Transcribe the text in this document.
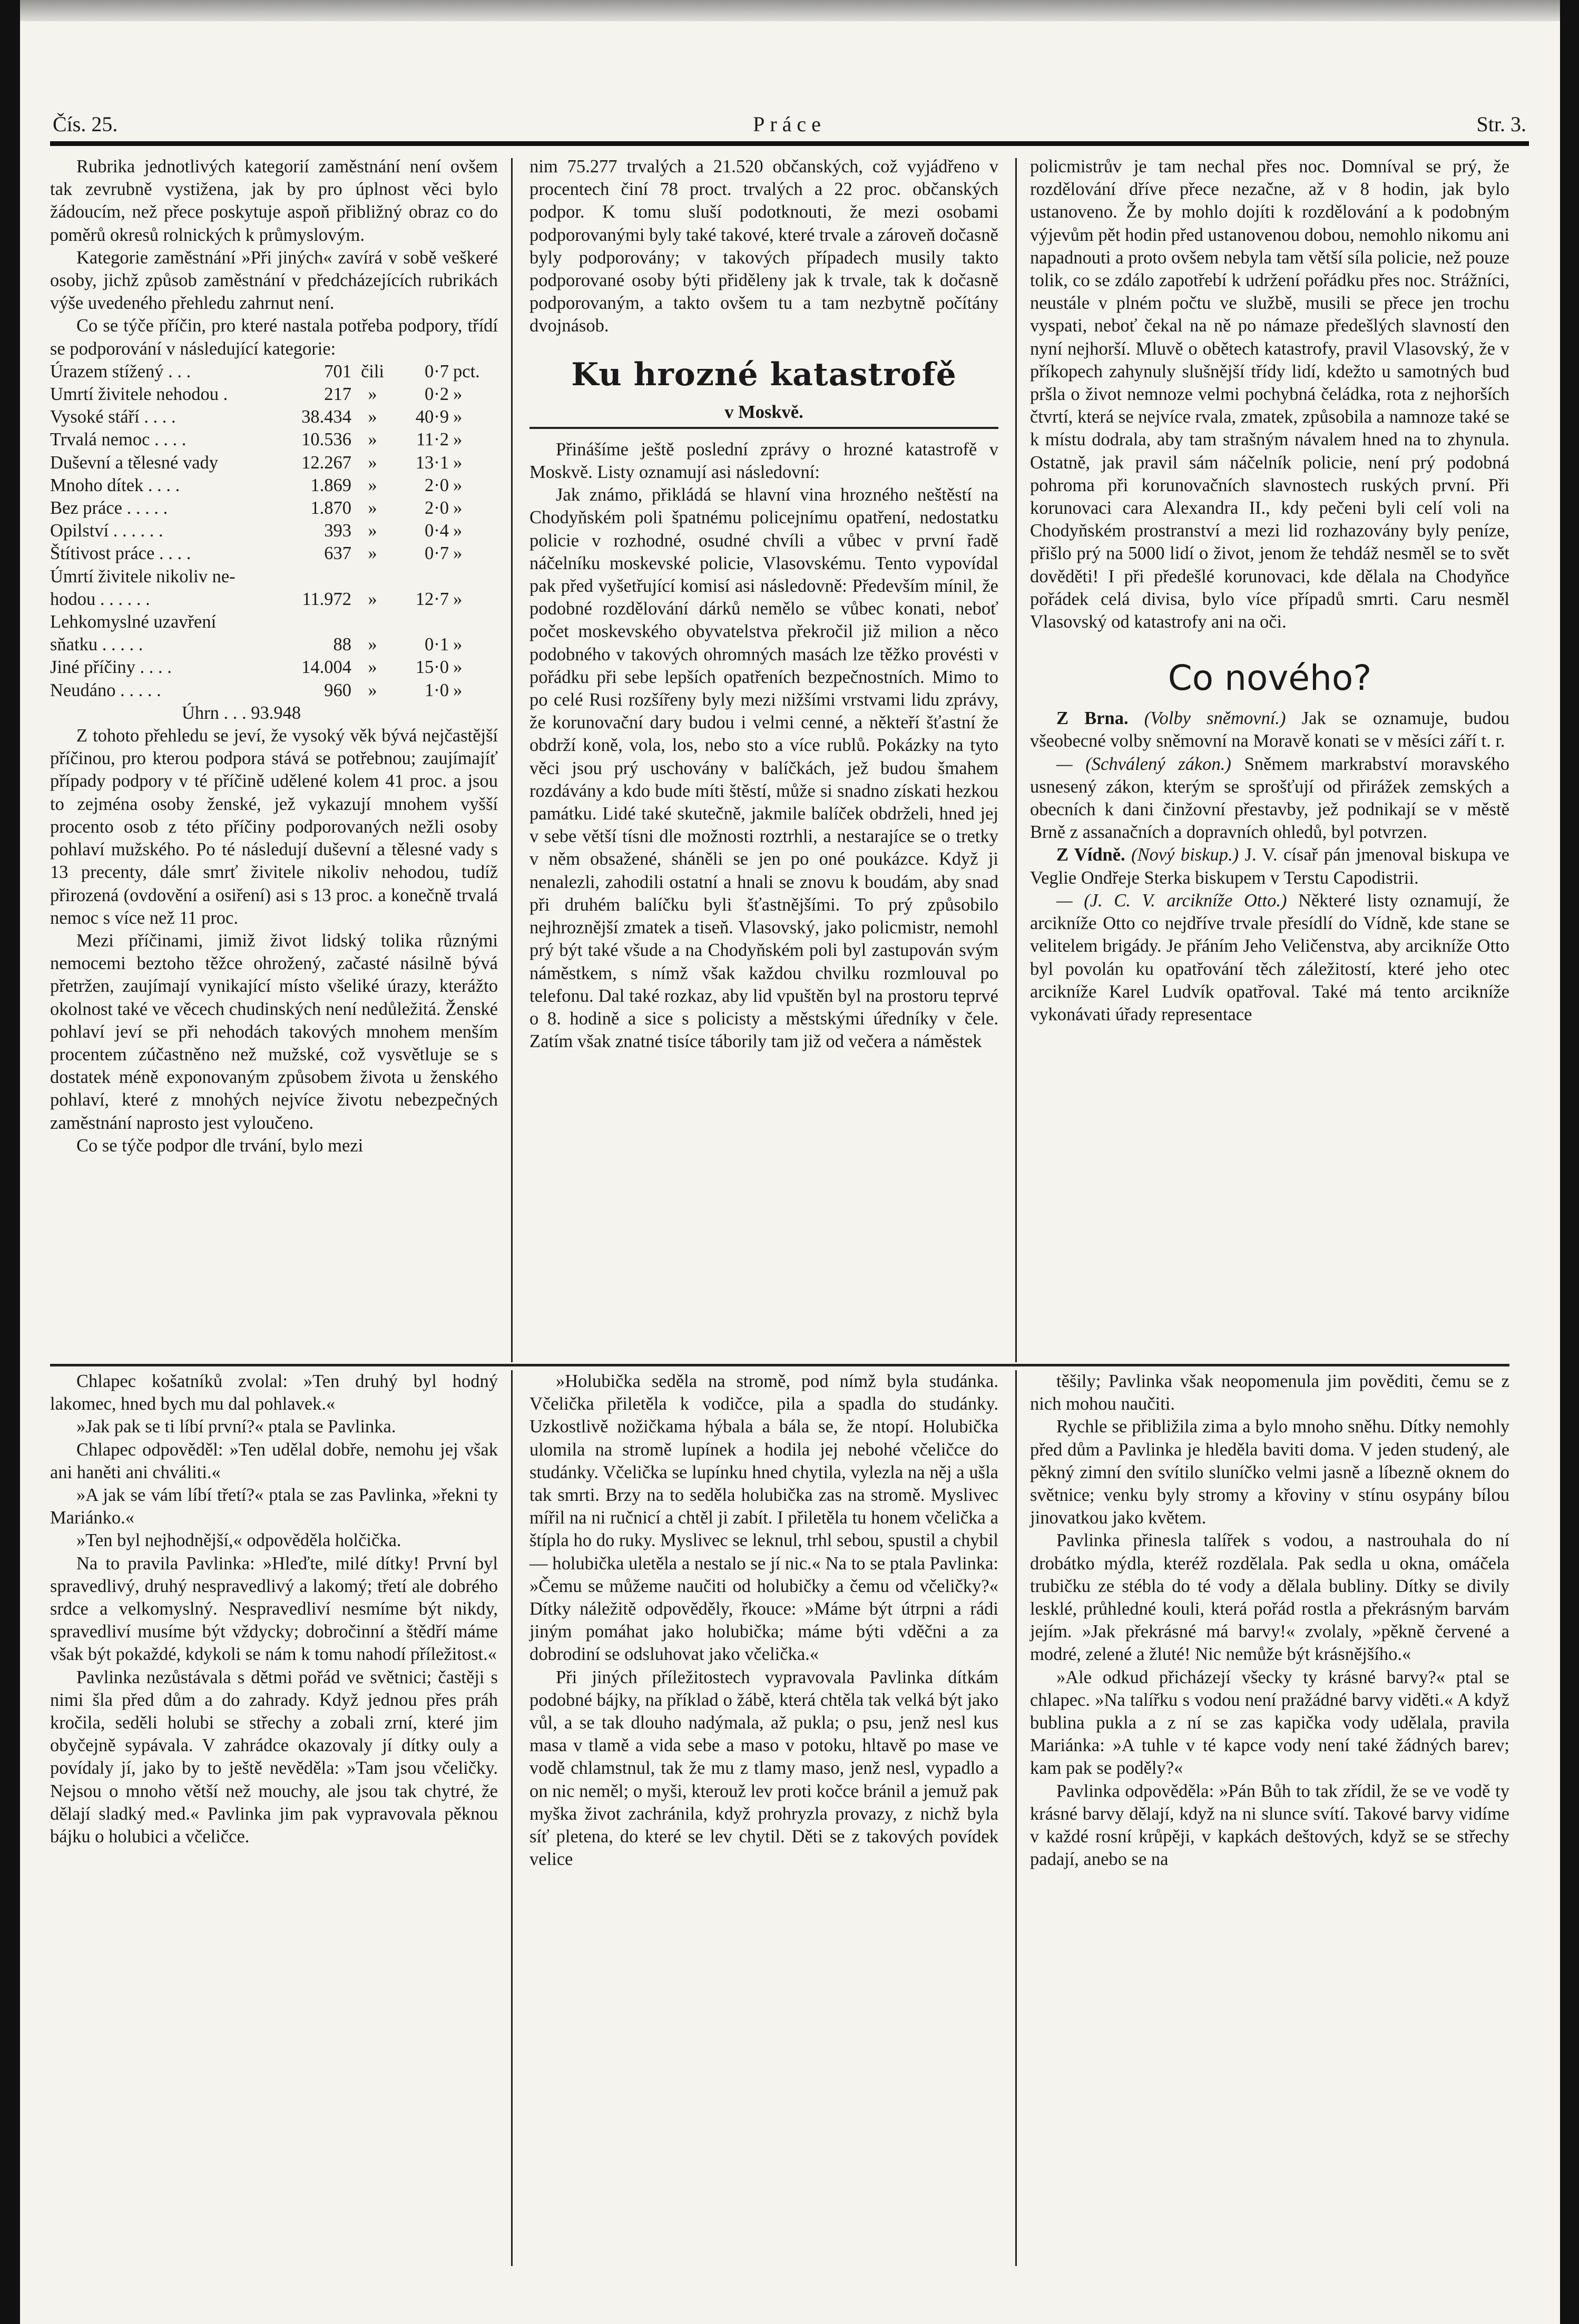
Čís. 25.	Práce	Str. 3.

Rubrika jednotlivých kategorií zaměstnání není ovšem tak zevrubně vystižena, jak by pro úplnost věci bylo žádoucím, než přece poskytuje aspoň přibližný obraz co do poměrů okresů rolnických k průmyslovým.

Kategorie zaměstnání »Při jiných« zavírá v sobě veškeré osoby, jichž způsob zaměstnání v předcházejících rubrikách výše uvedeného přehledu zahrnut není.

Co se týče příčin, pro které nastala potřeba podpory, třídí se podporování v následující kategorie:

Úrazem stížený . . .	701 čili	0·7 pct.
Umrtí živitele nehodou .	217 »	0·2 »
Vysoké stáří . . . .	38.434 »	40·9 »
Trvalá nemoc . . . .	10.536 »	11·2 »
Duševní a tělesné vady	12.267 »	13·1 »
Mnoho dítek . . . .	1.869 »	2·0 »
Bez práce . . . . .	1.870 »	2·0 »
Opilství . . . . . .	393 »	0·4 »
Štítivost práce . . . .	637 »	0·7 »
Úmrtí živitele nikoliv ne-
hodou . . . . . .	11.972 »	12·7 »
Lehkomyslné uzavření
sňatku . . . . .	88 »	0·1 »
Jiné příčiny . . . .	14.004 »	15·0 »
Neudáno . . . . .	960 »	1·0 »
Úhrn . . . 93.948

Z tohoto přehledu se jeví, že vysoký věk bývá nejčastější příčinou, pro kterou podpora stává se potřebnou; zaujímajíť případy podpory v té příčině udělené kolem 41 proc. a jsou to zejména osoby ženské, jež vykazují mnohem vyšší procento osob z této příčiny podporovaných nežli osoby pohlaví mužského. Po té následují duševní a tělesné vady s 13 precenty, dále smrť živitele nikoliv nehodou, tudíž přirozená (ovdovění a osiření) asi s 13 proc. a konečně trvalá nemoc s více než 11 proc.

Mezi příčinami, jimiž život lidský tolika různými nemocemi beztoho těžce ohrožený, začasté násilně bývá přetržen, zaujímají vynikající místo všeliké úrazy, kterážto okolnost také ve věcech chudinských není nedůležitá. Ženské pohlaví jeví se při nehodách takových mnohem menším procentem zúčastněno než mužské, což vysvětluje se s dostatek méně exponovaným způsobem života u ženského pohlaví, které z mnohých nejvíce životu nebezpečných zaměstnání naprosto jest vyloučeno.

Co se týče podpor dle trvání, bylo mezi

nim 75.277 trvalých a 21.520 občanských, což vyjádřeno v procentech činí 78 proct. trvalých a 22 proc. občanských podpor. K tomu sluší podotknouti, že mezi osobami podporovanými byly také takové, které trvale a zároveň dočasně byly podporovány; v takových případech musily takto podporované osoby býti přiděleny jak k trvale, tak k dočasně podporovaným, a takto ovšem tu a tam nezbytně počítány dvojnásob.

Ku hrozné katastrofě
v Moskvě.

Přinášíme ještě poslední zprávy o hrozné katastrofě v Moskvě. Listy oznamují asi následovní:

Jak známo, přikládá se hlavní vina hrozného neštěstí na Chodyňském poli špatnému policejnímu opatření, nedostatku policie v rozhodné, osudné chvíli a vůbec v první řadě náčelníku moskevské policie, Vlasovskému. Tento vypovídal pak před vyšetřující komisí asi následovně: Především mínil, že podobné rozdělování dárků nemělo se vůbec konati, neboť počet moskevského obyvatelstva překročil již milion a něco podobného v takových ohromných masách lze těžko provésti v pořádku při sebe lepších opatřeních bezpečnostních. Mimo to po celé Rusi rozšířeny byly mezi nižšími vrstvami lidu zprávy, že korunovační dary budou i velmi cenné, a někteří šťastní že obdrží koně, vola, los, nebo sto a více rublů. Pokázky na tyto věci jsou prý uschovány v balíčkách, jež budou šmahem rozdávány a kdo bude míti štěstí, může si snadno získati hezkou památku. Lidé také skutečně, jakmile balíček obdrželi, hned jej v sebe větší tísni dle možnosti roztrhli, a nestarajíce se o tretky v něm obsažené, sháněli se jen po oné poukázce. Když ji nenalezli, zahodili ostatní a hnali se znovu k boudám, aby snad při druhém balíčku byli šťastnějšími. To prý způsobilo nejhroznější zmatek a tiseň. Vlasovský, jako policmistr, nemohl prý být také všude a na Chodyňském poli byl zastupován svým náměstkem, s nímž však každou chvilku rozmlouval po telefonu. Dal také rozkaz, aby lid vpuštěn byl na prostoru teprvé o 8. hodině a sice s policisty a městskými úředníky v čele. Zatím však znatné tisíce táborily tam již od večera a náměstek

policmistrův je tam nechal přes noc. Domníval se prý, že rozdělování dříve přece nezačne, až v 8 hodin, jak bylo ustanoveno. Že by mohlo dojíti k rozdělování a k podobným výjevům pět hodin před ustanovenou dobou, nemohlo nikomu ani napadnouti a proto ovšem nebyla tam větší síla policie, než pouze tolik, co se zdálo zapotřebí k udržení pořádku přes noc. Strážníci, neustále v plném počtu ve službě, musili se přece jen trochu vyspati, neboť čekal na ně po námaze předešlých slavností den nyní nejhorší. Mluvě o obětech katastrofy, pravil Vlasovský, že v příkopech zahynuly slušnější třídy lidí, kdežto u samotných bud pršla o život nemnoze velmi pochybná čeládka, rota z nejhorších čtvrtí, která se nejvíce rvala, zmatek, způsobila a namnoze také se k místu dodrala, aby tam strašným návalem hned na to zhynula. Ostatně, jak pravil sám náčelník policie, není prý podobná pohroma při korunovačních slavnostech ruských první. Při korunovaci cara Alexandra II., kdy pečeni byli celí voli na Chodyňském prostranství a mezi lid rozhazovány byly peníze, přišlo prý na 5000 lidí o život, jenom že tehdáž nesměl se to svět dověděti! I při předešlé korunovaci, kde dělala na Chodyňce pořádek celá divisa, bylo více případů smrti. Caru nesměl Vlasovský od katastrofy ani na oči.

Co nového?

Z Brna. (Volby sněmovní.) Jak se oznamuje, budou všeobecné volby sněmovní na Moravě konati se v měsíci září t. r.

— (Schválený zákon.) Sněmem markrabství moravského usnesený zákon, kterým se sprošťují od přirážek zemských a obecních k dani činžovní přestavby, jež podnikají se v městě Brně z assanačních a dopravních ohledů, byl potvrzen.

Z Vídně. (Nový biskup.) J. V. císař pán jmenoval biskupa ve Veglie Ondřeje Sterka biskupem v Terstu Capodistrii.

— (J. C. V. arcikníže Otto.) Některé listy oznamují, že arcikníže Otto co nejdříve trvale přesídlí do Vídně, kde stane se velitelem brigády. Je přáním Jeho Veličenstva, aby arcikníže Otto byl povolán ku opatřování těch záležitostí, které jeho otec arcikníže Karel Ludvík opatřoval. Také má tento arcikníže vykonávati úřady representace

Chlapec košatníků zvolal: »Ten druhý byl hodný lakomec, hned bych mu dal pohlavek.«

»Jak pak se ti líbí první?« ptala se Pavlinka.

Chlapec odpověděl: »Ten udělal dobře, nemohu jej však ani haněti ani chváliti.«

»A jak se vám líbí třetí?« ptala se zas Pavlinka, »řekni ty Mariánko.«

»Ten byl nejhodnější,« odpověděla holčička.

Na to pravila Pavlinka: »Hleďte, milé dítky! První byl spravedlivý, druhý nespravedlivý a lakomý; třetí ale dobrého srdce a velkomyslný. Nespravedliví nesmíme být nikdy, spravedliví musíme být vždycky; dobročinní a štědří máme však být pokaždé, kdykoli se nám k tomu nahodí příležitost.«

Pavlinka nezůstávala s dětmi pořád ve světnici; častěji s nimi šla před dům a do zahrady. Když jednou přes práh kročila, seděli holubi se střechy a zobali zrní, které jim obyčejně sypávala. V zahrádce okazovaly jí dítky ouly a povídaly jí, jako by to ještě nevěděla: »Tam jsou včeličky. Nejsou o mnoho větší než mouchy, ale jsou tak chytré, že dělají sladký med.« Pavlinka jim pak vypravovala pěknou bájku o holubici a včeličce.

»Holubička seděla na stromě, pod nímž byla studánka. Včelička přiletěla k vodičce, pila a spadla do studánky. Uzkostlivě nožičkama hýbala a bála se, že ntopí. Holubička ulomila na stromě lupínek a hodila jej nebohé včeličce do studánky. Včelička se lupínku hned chytila, vylezla na něj a ušla tak smrti. Brzy na to seděla holubička zas na stromě. Myslivec mířil na ni ručnicí a chtěl ji zabít. I přiletěla tu honem včelička a štípla ho do ruky. Myslivec se leknul, trhl sebou, spustil a chybil — holubička uletěla a nestalo se jí nic.« Na to se ptala Pavlinka: »Čemu se můžeme naučiti od holubičky a čemu od včeličky?« Dítky náležitě odpověděly, řkouce: »Máme být útrpni a rádi jiným pomáhat jako holubička; máme býti vděčni a za dobrodiní se odsluhovat jako včelička.«

Při jiných příležitostech vypravovala Pavlinka dítkám podobné bájky, na příklad o žábě, která chtěla tak velká být jako vůl, a se tak dlouho nadýmala, až pukla; o psu, jenž nesl kus masa v tlamě a vida sebe a maso v potoku, hltavě po mase ve vodě chlamstnul, tak že mu z tlamy maso, jenž nesl, vypadlo a on nic neměl; o myši, kterouž lev proti kočce bránil a jemuž pak myška život zachránila, když prohryzla provazy, z nichž byla síť pletena, do které se lev chytil. Děti se z takových povídek velice

těšily; Pavlinka však neopomenula jim pověditi, čemu se z nich mohou naučiti.

Rychle se přibližila zima a bylo mnoho sněhu. Dítky nemohly před dům a Pavlinka je hleděla baviti doma. V jeden studený, ale pěkný zimní den svítilo sluníčko velmi jasně a líbezně oknem do světnice; venku byly stromy a křoviny v stínu osypány bílou jinovatkou jako květem.

Pavlinka přinesla talířek s vodou, a nastrouhala do ní drobátko mýdla, kteréž rozdělala. Pak sedla u okna, omáčela trubičku ze stébla do té vody a dělala bubliny. Dítky se divily lesklé, průhledné kouli, která pořád rostla a překrásným barvám jejím. »Jak překrásné má barvy!« zvolaly, »pěkně červené a modré, zelené a žluté! Nic nemůže být krásnějšího.«

»Ale odkud přicházejí všecky ty krásné barvy?« ptal se chlapec. »Na talířku s vodou není pražádné barvy viděti.« A když bublina pukla a z ní se zas kapička vody udělala, pravila Mariánka: »A tuhle v té kapce vody není také žádných barev; kam pak se poděly?«

Pavlinka odpověděla: »Pán Bůh to tak zřídil, že se ve vodě ty krásné barvy dělají, když na ni slunce svítí. Takové barvy vidíme v každé rosní krůpěji, v kapkách deštových, když se se střechy padají, anebo se na
